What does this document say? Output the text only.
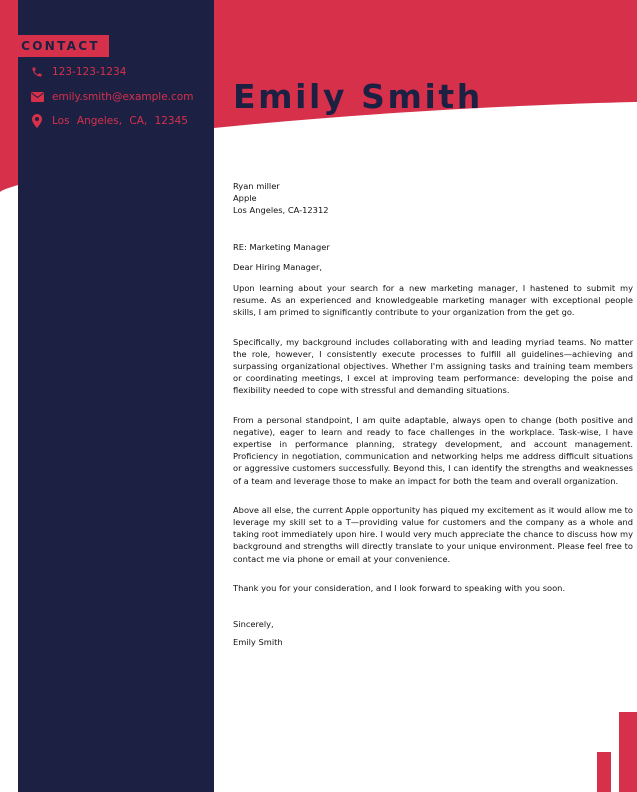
CONTACT
123-123-1234
emily.smith@example.com
Los Angeles, CA, 12345
Emily Smith

Ryan miller

Apple

Los Angeles, CA-12312

RE: Marketing Manager

Dear Hiring Manager,

Upon learning about your search for a new marketing manager, I hastened to submit my resume. As an experienced and knowledgeable marketing manager with exceptional people skills, I am primed to significantly contribute to your organization from the get go.

Specifically, my background includes collaborating with and leading myriad teams. No matter the role, however, I consistently execute processes to fulfill all guidelines—achieving and surpassing organizational objectives. Whether I'm assigning tasks and training team members or coordinating meetings, I excel at improving team performance: developing the poise and flexibility needed to cope with stressful and demanding situations.

From a personal standpoint, I am quite adaptable, always open to change (both positive and negative), eager to learn and ready to face challenges in the workplace. Task-wise, I have expertise in performance planning, strategy development, and account management. Proficiency in negotiation, communication and networking helps me address difficult situations or aggressive customers successfully. Beyond this, I can identify the strengths and weaknesses of a team and leverage those to make an impact for both the team and overall organization.

Above all else, the current Apple opportunity has piqued my excitement as it would allow me to leverage my skill set to a T—providing value for customers and the company as a whole and taking root immediately upon hire. I would very much appreciate the chance to discuss how my background and strengths will directly translate to your unique environment. Please feel free to contact me via phone or email at your convenience.

Thank you for your consideration, and I look forward to speaking with you soon.

Sincerely,

Emily Smith
